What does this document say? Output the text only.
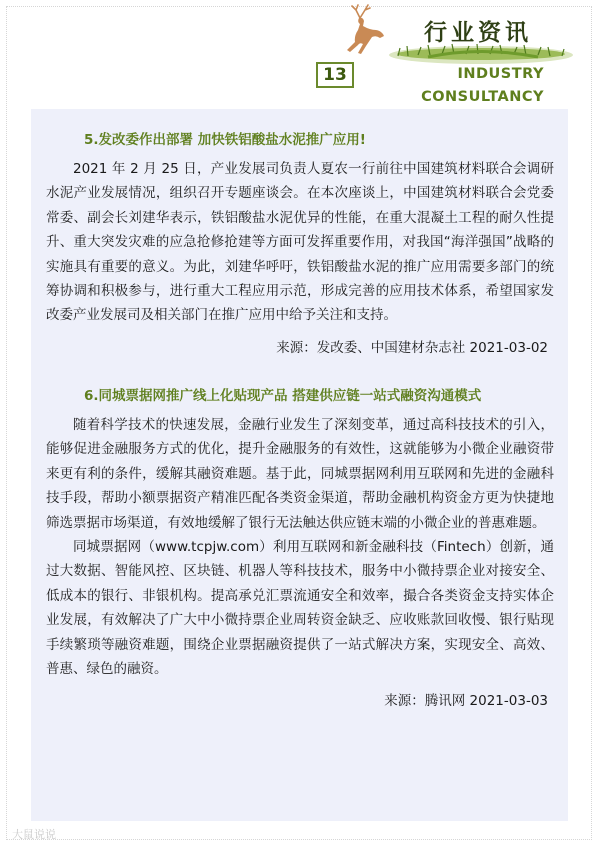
行业资讯
13	INDUSTRY
CONSULTANCY
5.发改委作出部署 加快铁铝酸盐水泥推广应用!

2021 年 2 月 25 日，产业发展司负责人夏农一行前往中国建筑材料联合会调研水泥产业发展情况，组织召开专题座谈会。在本次座谈上，中国建筑材料联合会党委常委、副会长刘建华表示，铁铝酸盐水泥优异的性能，在重大混凝土工程的耐久性提升、重大突发灾难的应急抢修抢建等方面可发挥重要作用，对我国“海洋强国”战略的实施具有重要的意义。为此，刘建华呼吁，铁铝酸盐水泥的推广应用需要多部门的统筹协调和积极参与，进行重大工程应用示范，形成完善的应用技术体系，希望国家发改委产业发展司及相关部门在推广应用中给予关注和支持。

来源：发改委、中国建材杂志社 2021-03-02
6.同城票据网推广线上化贴现产品 搭建供应链一站式融资沟通模式

随着科学技术的快速发展，金融行业发生了深刻变革，通过高科技技术的引入，能够促进金融服务方式的优化，提升金融服务的有效性，这就能够为小微企业融资带来更有利的条件，缓解其融资难题。基于此，同城票据网利用互联网和先进的金融科技手段，帮助小额票据资产精准匹配各类资金渠道，帮助金融机构资金方更为快捷地筛选票据市场渠道，有效地缓解了银行无法触达供应链末端的小微企业的普惠难题。

同城票据网（www.tcpjw.com）利用互联网和新金融科技（Fintech）创新，通过大数据、智能风控、区块链、机器人等科技技术，服务中小微持票企业对接安全、低成本的银行、非银机构。提高承兑汇票流通安全和效率，撮合各类资金支持实体企业发展，有效解决了广大中小微持票企业周转资金缺乏、应收账款回收慢、银行贴现手续繁琐等融资难题，围绕企业票据融资提供了一站式解决方案，实现安全、高效、普惠、绿色的融资。

来源：腾讯网 2021-03-03
大鼠说说
